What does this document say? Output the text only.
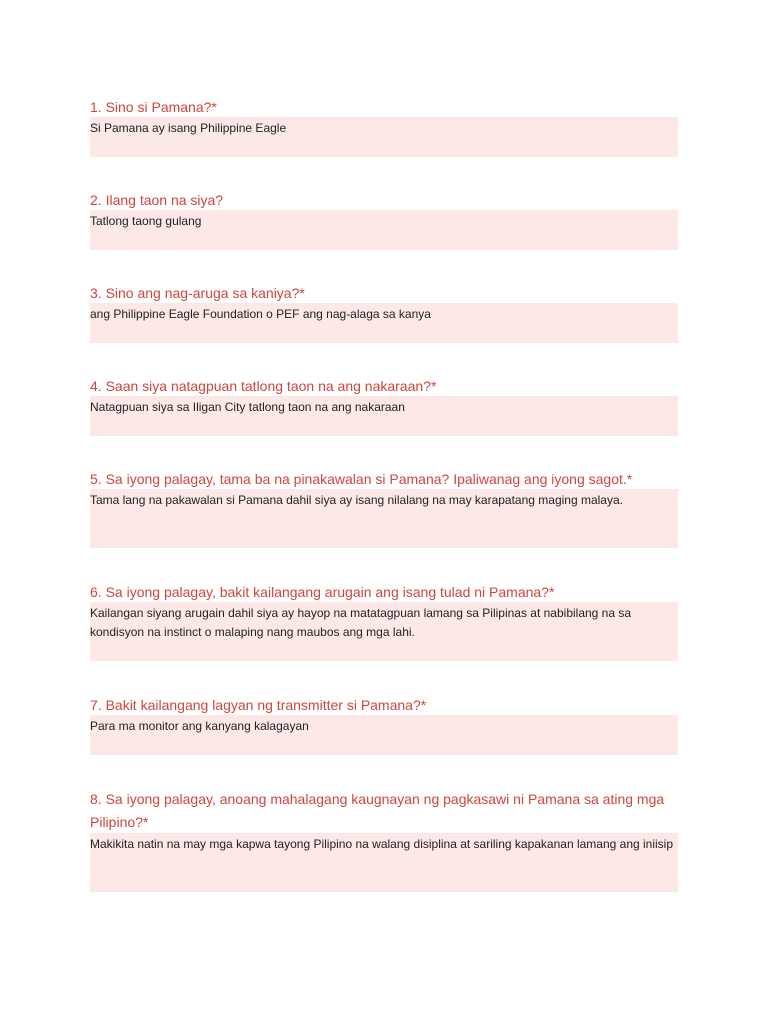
1. Sino si Pamana?*

Si Pamana ay isang Philippine Eagle

2. Ilang taon na siya?

Tatlong taong gulang

3. Sino ang nag-aruga sa kaniya?*

ang Philippine Eagle Foundation o PEF ang nag-alaga sa kanya

4. Saan siya natagpuan tatlong taon na ang nakaraan?*

Natagpuan siya sa Iligan City tatlong taon na ang nakaraan

5. Sa iyong palagay, tama ba na pinakawalan si Pamana? Ipaliwanag ang iyong sagot.*

Tama lang na pakawalan si Pamana dahil siya ay isang nilalang na may karapatang maging malaya.

6. Sa iyong palagay, bakit kailangang arugain ang isang tulad ni Pamana?*

Kailangan siyang arugain dahil siya ay hayop na matatagpuan lamang sa Pilipinas at nabibilang na sa kondisyon na instinct o malaping nang maubos ang mga lahi.

7. Bakit kailangang lagyan ng transmitter si Pamana?*

Para ma monitor ang kanyang kalagayan

8. Sa iyong palagay, anoang mahalagang kaugnayan ng pagkasawi ni Pamana sa ating mga Pilipino?*

Makikita natin na may mga kapwa tayong Pilipino na walang disiplina at sariling kapakanan lamang ang iniisip
